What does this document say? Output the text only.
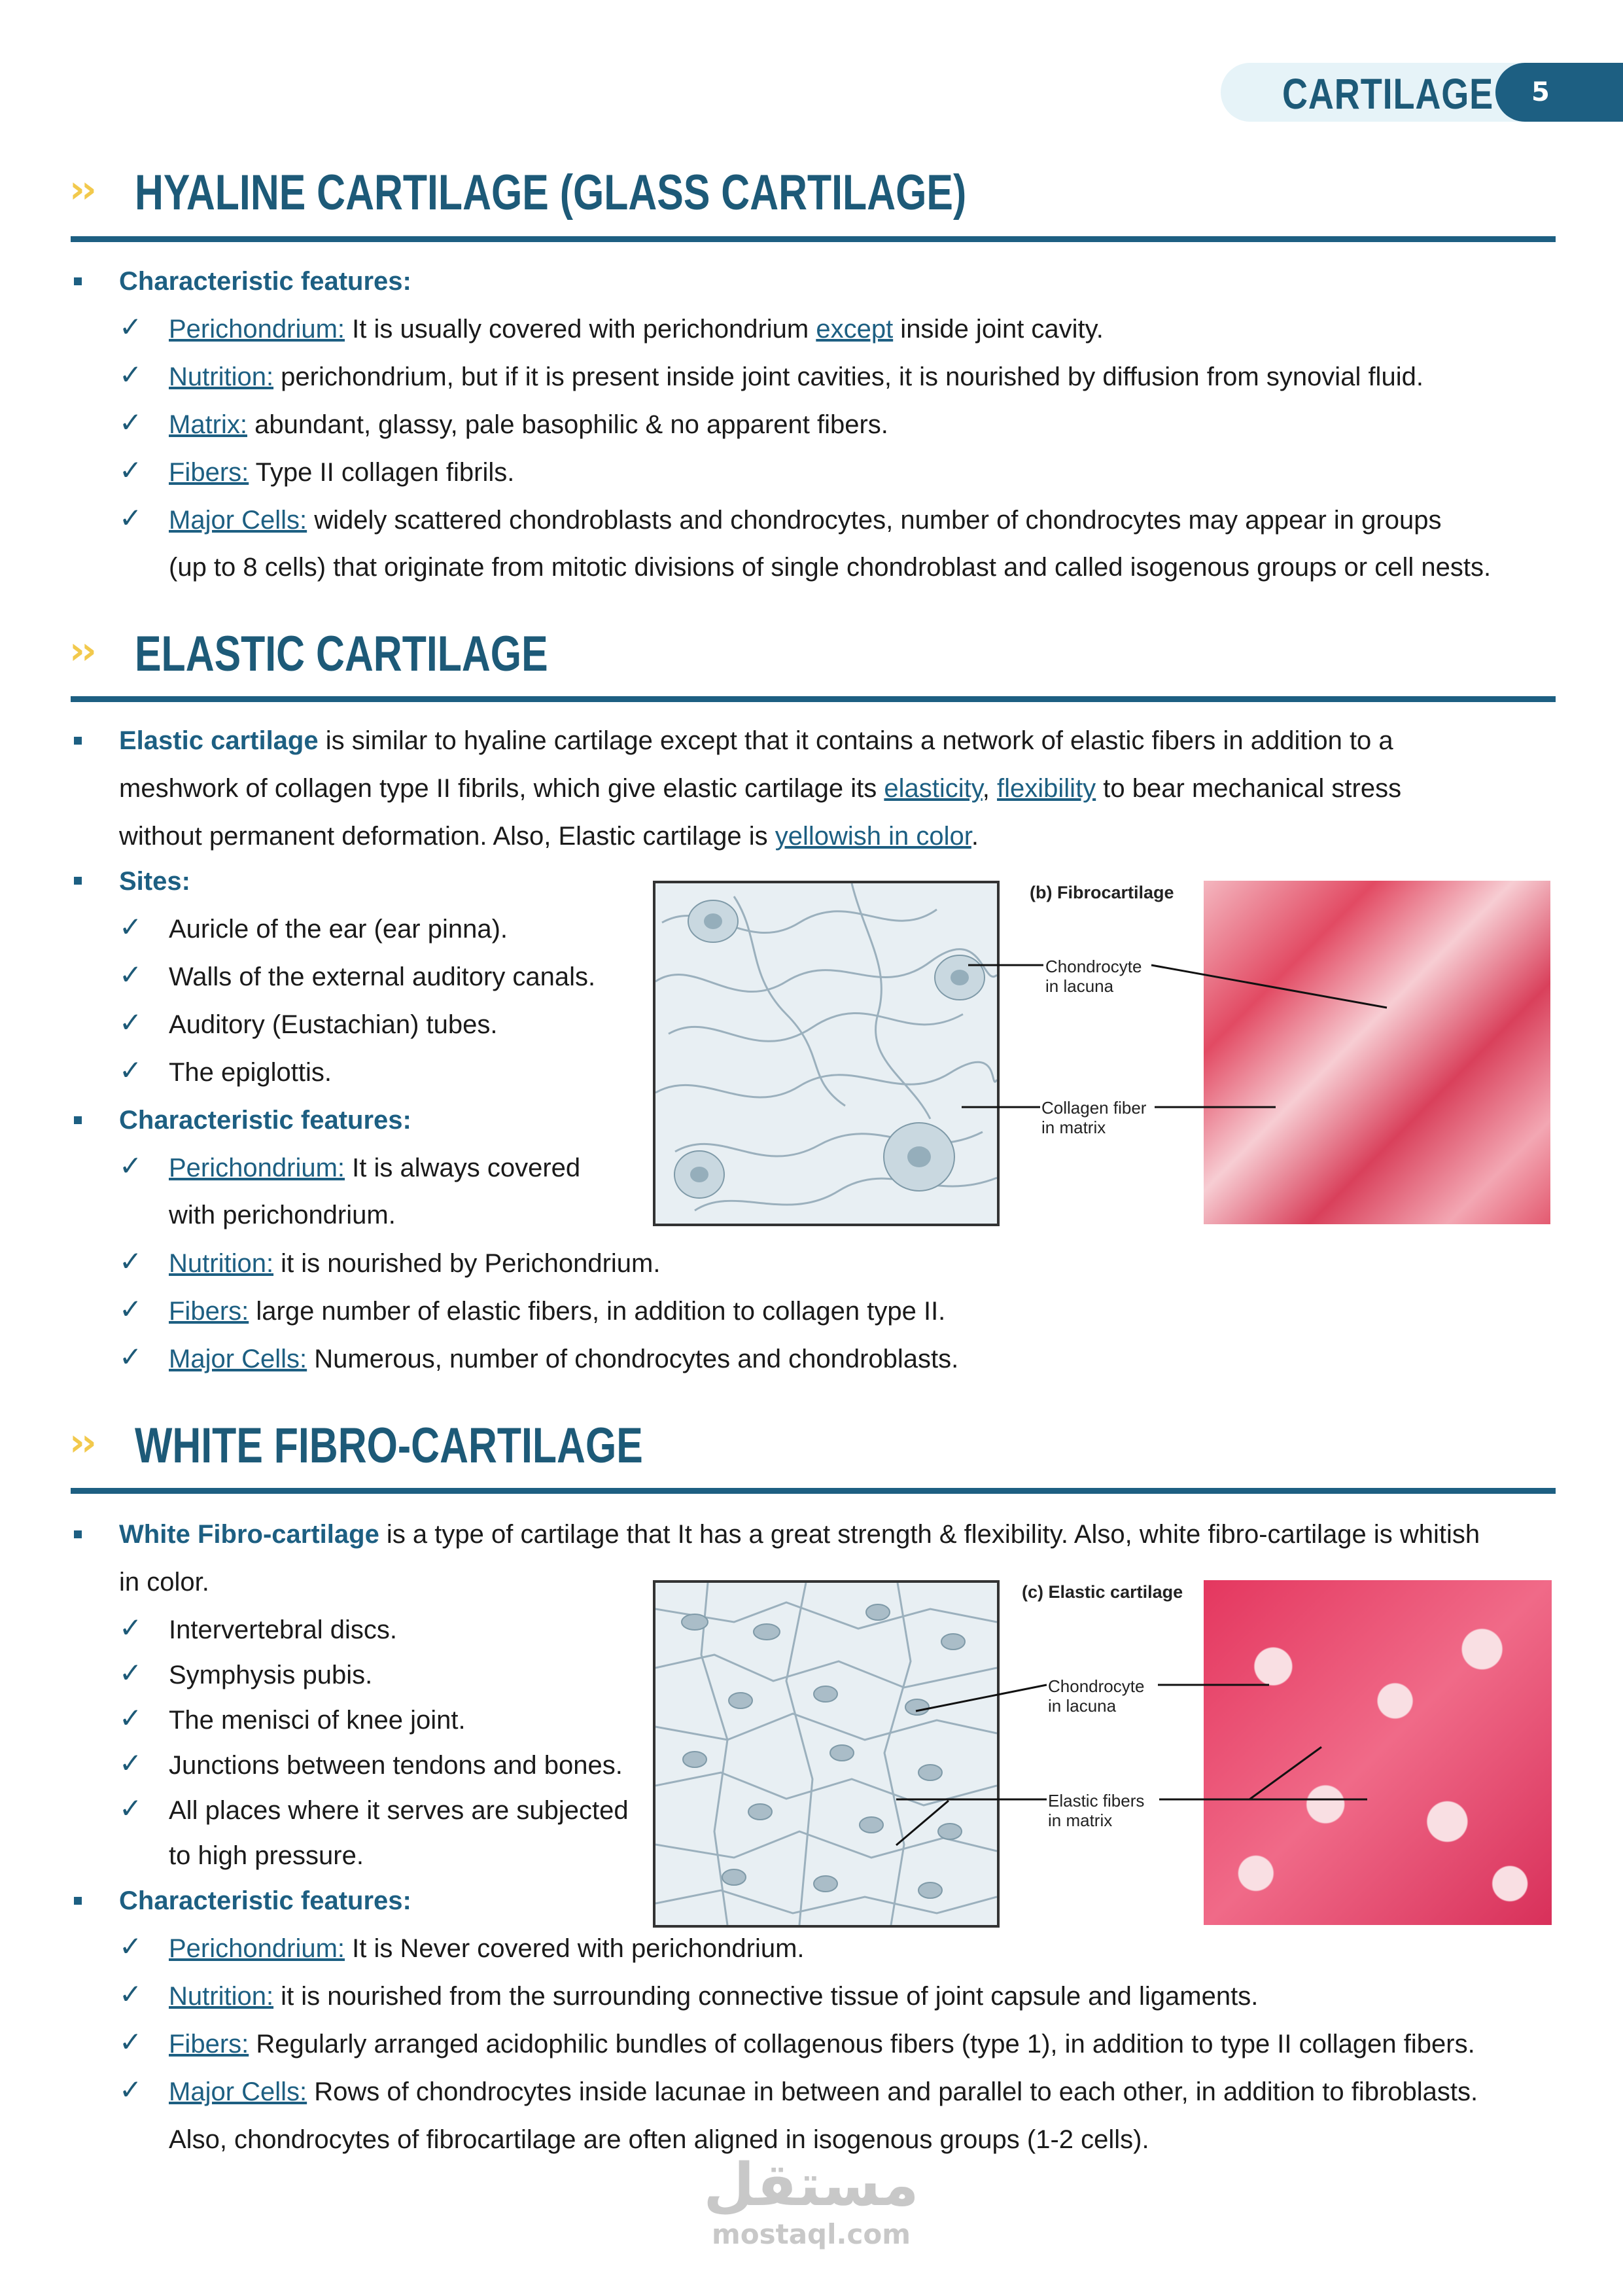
CARTILAGE	5
›› HYALINE CARTILAGE (GLASS CARTILAGE)
Characteristic features:
✓ Perichondrium: It is usually covered with perichondrium except inside joint cavity.
✓ Nutrition: perichondrium, but if it is present inside joint cavities, it is nourished by diffusion from synovial fluid.
✓ Matrix: abundant, glassy, pale basophilic & no apparent fibers.
✓ Fibers: Type II collagen fibrils.
✓ Major Cells: widely scattered chondroblasts and chondrocytes, number of chondrocytes may appear in groups
(up to 8 cells) that originate from mitotic divisions of single chondroblast and called isogenous groups or cell nests.
›› ELASTIC CARTILAGE
Elastic cartilage is similar to hyaline cartilage except that it contains a network of elastic fibers in addition to a
meshwork of collagen type II fibrils, which give elastic cartilage its elasticity, flexibility to bear mechanical stress
without permanent deformation. Also, Elastic cartilage is yellowish in color.
Sites:
✓ Auricle of the ear (ear pinna).
✓ Walls of the external auditory canals.
✓ Auditory (Eustachian) tubes.
✓ The epiglottis.
Characteristic features:
✓ Perichondrium: It is always covered
with perichondrium.
✓ Nutrition: it is nourished by Perichondrium.
✓ Fibers: large number of elastic fibers, in addition to collagen type II.
✓ Major Cells: Numerous, number of chondrocytes and chondroblasts.
(b) Fibrocartilage
Chondrocyte
in lacuna
Collagen fiber
in matrix
›› WHITE FIBRO-CARTILAGE
White Fibro-cartilage is a type of cartilage that It has a great strength & flexibility. Also, white fibro-cartilage is whitish
in color.
✓ Intervertebral discs.
✓ Symphysis pubis.
✓ The menisci of knee joint.
✓ Junctions between tendons and bones.
✓ All places where it serves are subjected
to high pressure.
Characteristic features:
✓ Perichondrium: It is Never covered with perichondrium.
✓ Nutrition: it is nourished from the surrounding connective tissue of joint capsule and ligaments.
✓ Fibers: Regularly arranged acidophilic bundles of collagenous fibers (type 1), in addition to type II collagen fibers.
✓ Major Cells: Rows of chondrocytes inside lacunae in between and parallel to each other, in addition to fibroblasts.
Also, chondrocytes of fibrocartilage are often aligned in isogenous groups (1-2 cells).
(c) Elastic cartilage
Chondrocyte
in lacuna
Elastic fibers
in matrix
مستقل
mostaql.com
